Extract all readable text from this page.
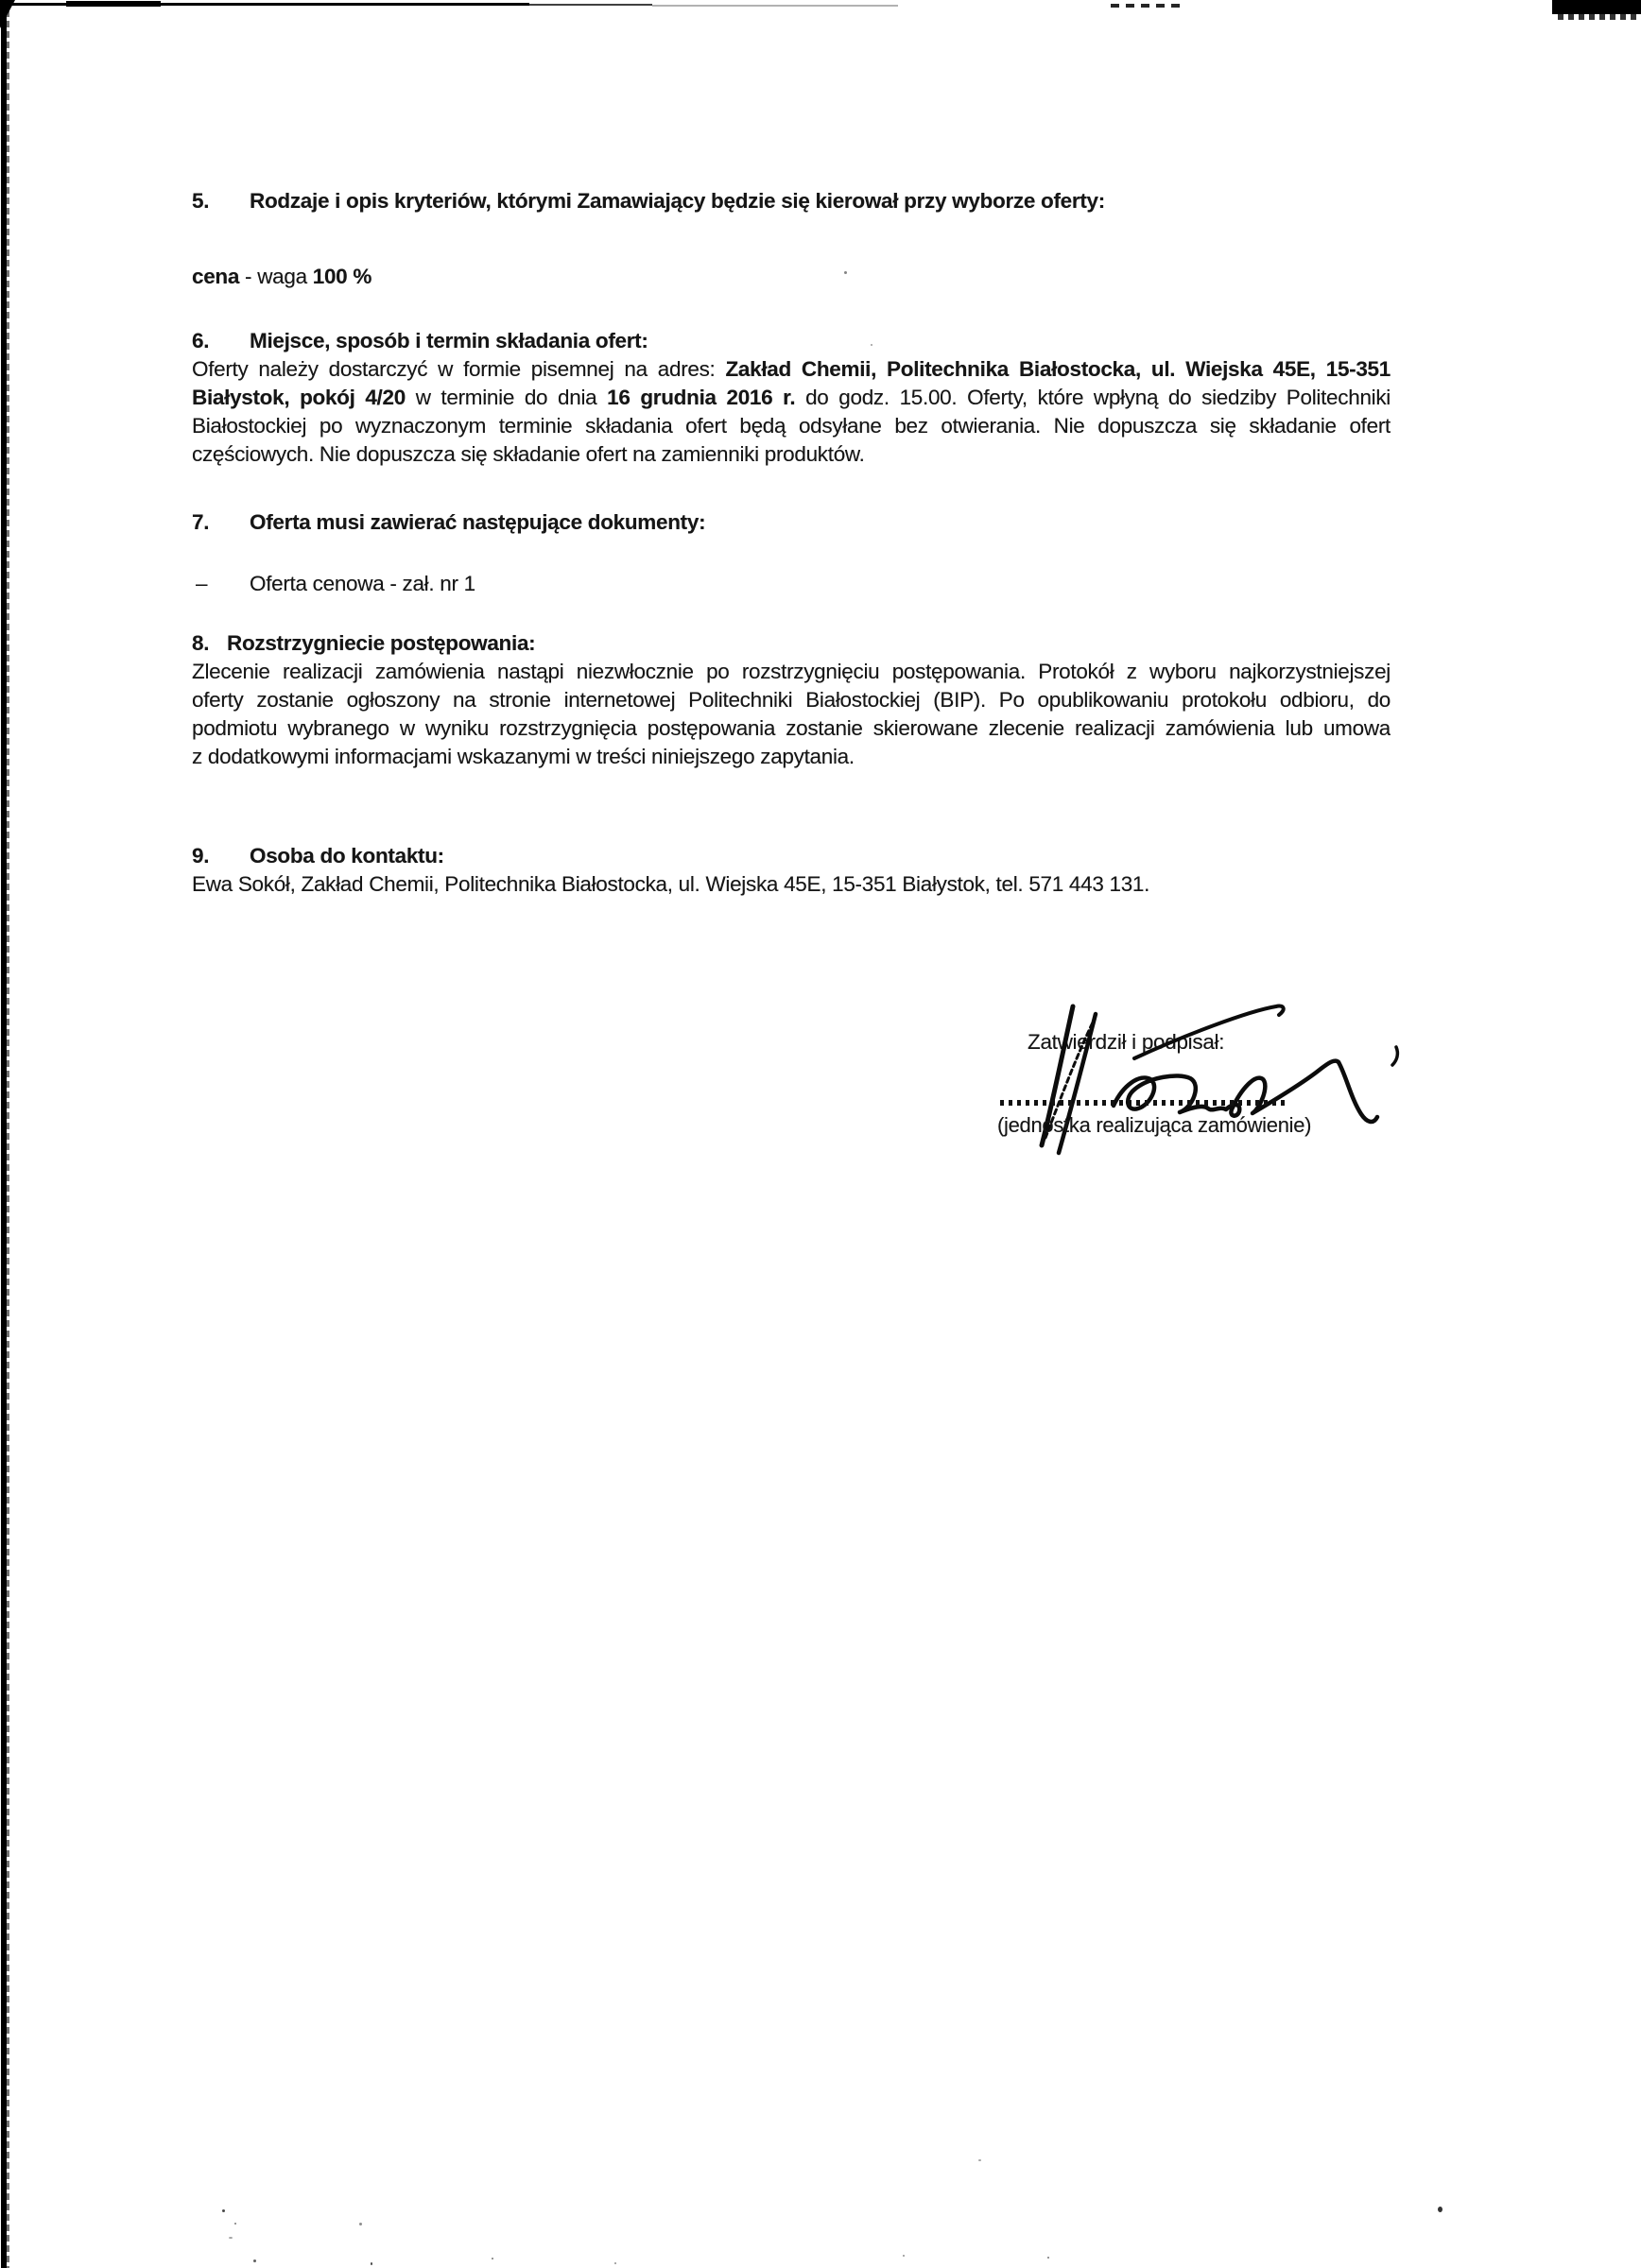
5. Rodzaje i opis kryteriów, którymi Zamawiający będzie się kierował przy wyborze oferty:
cena - waga 100 %
6. Miejsce, sposób i termin składania ofert:
Oferty należy dostarczyć w formie pisemnej na adres: Zakład Chemii, Politechnika Białostocka, ul. Wiejska 45E, 15-351
Białystok, pokój 4/20 w terminie do dnia 16 grudnia 2016 r. do godz. 15.00. Oferty, które wpłyną do siedziby Politechniki
Białostockiej po wyznaczonym terminie składania ofert będą odsyłane bez otwierania. Nie dopuszcza się składanie ofert
częściowych. Nie dopuszcza się składanie ofert na zamienniki produktów.
7. Oferta musi zawierać następujące dokumenty:
– Oferta cenowa - zał. nr 1
8. Rozstrzygniecie postępowania:
Zlecenie realizacji zamówienia nastąpi niezwłocznie po rozstrzygnięciu postępowania. Protokół z wyboru najkorzystniejszej
oferty zostanie ogłoszony na stronie internetowej Politechniki Białostockiej (BIP). Po opublikowaniu protokołu odbioru, do
podmiotu wybranego w wyniku rozstrzygnięcia postępowania zostanie skierowane zlecenie realizacji zamówienia lub umowa
z dodatkowymi informacjami wskazanymi w treści niniejszego zapytania.
9. Osoba do kontaktu:
Ewa Sokół, Zakład Chemii, Politechnika Białostocka, ul. Wiejska 45E, 15-351 Białystok, tel. 571 443 131.
Zatwierdził i podpisał:
(jednostka realizująca zamówienie)
